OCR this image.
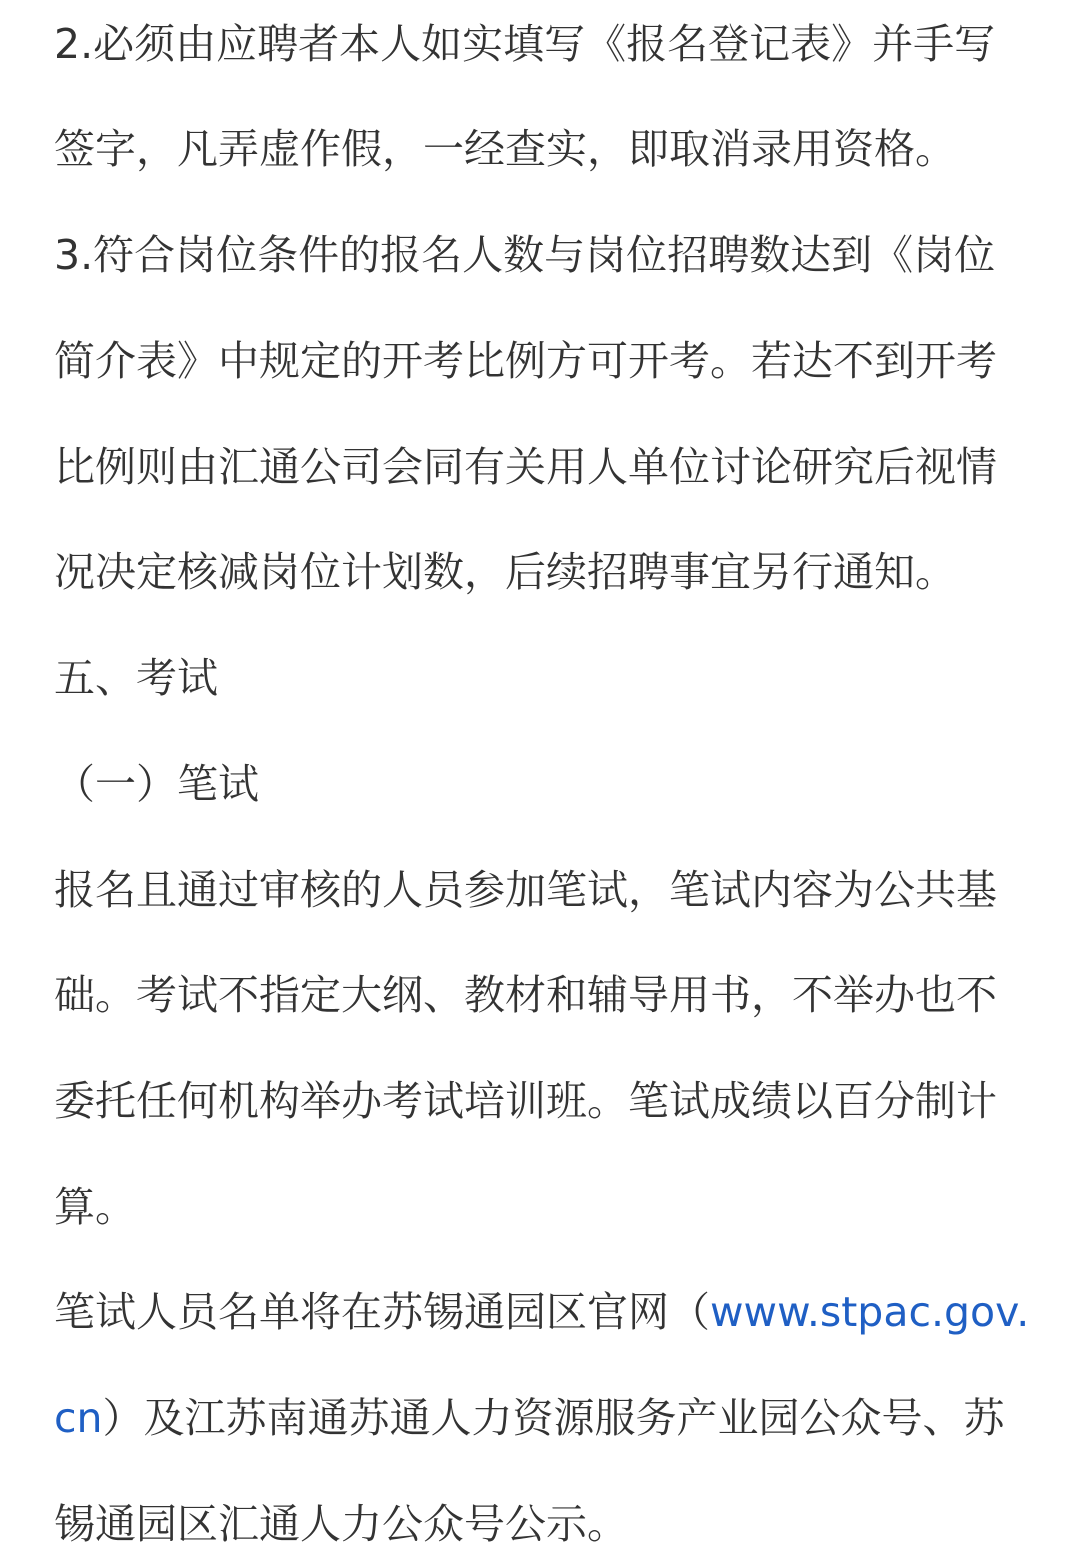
2.必须由应聘者本人如实填写《报名登记表》并手写
签字，凡弄虚作假，一经查实，即取消录用资格。
3.符合岗位条件的报名人数与岗位招聘数达到《岗位
简介表》中规定的开考比例方可开考。若达不到开考
比例则由汇通公司会同有关用人单位讨论研究后视情
况决定核减岗位计划数，后续招聘事宜另行通知。
五、考试
（一）笔试
报名且通过审核的人员参加笔试，笔试内容为公共基
础。考试不指定大纲、教材和辅导用书，不举办也不
委托任何机构举办考试培训班。笔试成绩以百分制计
算。
笔试人员名单将在苏锡通园区官网（www.stpac.gov.
cn）及江苏南通苏通人力资源服务产业园公众号、苏
锡通园区汇通人力公众号公示。
